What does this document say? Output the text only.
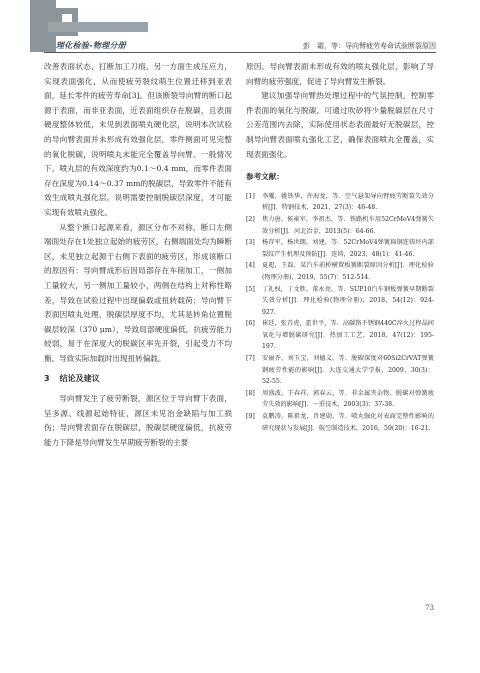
理化检验-物理分册	彭　霜，等：导向臂疲劳寿命试验断裂原因

改善表面状态，打断加工刀痕，另一方面生成压应力，实现表面强化，从而使疲劳裂纹萌生位置迁移到亚表面，延长零件的疲劳寿命[3]。但该断裂导向臂的断口起源于表面，而非亚表面，近表面组织存在脱碳，且表面硬度整体较低，未见到表面喷丸硬化层，说明本次试验的导向臂表面并未形成有效强化层，零件侧面可见完整的氧化脱碳，说明喷丸未能完全覆盖导向臂。一般情况下，喷丸层的有效深度约为0.1～0.4 mm，而零件表面存在深度为0.14～0.37 mm的脱碳层，导致零件不能有效生成喷丸强化层。说明需要控制脱碳层深度，才可能实现有效喷丸强化。

从整个断口起源来看，源区分布不对称，断口左侧端面处存在1处独立起始的疲劳区，右侧端面处均为瞬断区，未见独立起源于右侧下表面的疲劳区，形成该断口的原因有：导向臂成形后因局部存在车削加工，一侧加工量较大，另一侧加工量较小，两侧在结构上对称性略差，导致在试验过程中出现偏载或扭转载荷；导向臂下表面因喷丸处理，脱碳层厚度不均，尤其是转角位置脱碳层较深（370 μm），导致局部硬度偏低，抗疲劳能力较弱，易于在深度大的脱碳区率先开裂，引起受力不均衡，导致实际加载时出现扭转偏载。

3 结论及建议

导向臂发生了疲劳断裂，源区位于导向臂下表面，呈多源、线源起始特征，源区未见冶金缺陷与加工损伤；导向臂表面存在脱碳层，脱碳层硬度偏低，抗疲劳能力下降是导向臂发生早期疲劳断裂的主要

原因。导向臂表面未形成有效的喷丸强化层，影响了导向臂的疲劳强度，促进了导向臂发生断裂。

建议加强导向臂热处理过程中的气氛控制，控制零件表面的氧化与脱碳，可通过吹砂将少量脱碳层在尺寸公差范围内去除，实际使用状态表面最好无脱碳层，控制导向臂表面喷丸强化工艺，确保表面喷丸全覆盖，实现表面强化。

参考文献：
[1]	李曜，姚铁华，许海龙，等．空气悬架导向臂疲劳断裂失效分析[J]．特钢技术，2021，27(3)：46-48.
[2]	焦力唐，候雍军，李祖杰，等．铁路机车用52CrMoV4弹簧失效分析[J]．河北冶金，2013(5)：64-66.
[3]	杨存军，杨世朗，刘建，等．52CrMoV4弹簧扁钢连铸坯内部裂纹产生机理及预防[J]．连铸，2023，48(1)：41-46.
[4]	夏彪，王磊．某汽车前桥横置板簧断裂原因分析[J]．理化检验(物理分册)，2019，55(7)：512-514.
[5]	丁礼权，丁文胜，董永亮，等．SUP10汽车钢板弹簧早期断裂失效分析[J]．理化检验(物理分册)，2018，54(12)：924-927.
[6]	崔廷，张青虎，霍世平，等．高碳铬不锈钢440C淬火过程晶间氧化与增脱碳研究[J]．热加工工艺，2018，47(12)：195-197.
[7]	安丽乔，刘玉宝，刘德义，等．脱碳深度对60Si2CrVAT弹簧钢疲劳性能的影响[J]．大连交通大学学报，2009，30(3)：52-55.
[8]	周盛波，王春祥，郭春云，等．非金属夹杂物、脱碳对弹簧疲劳失效的影响[J]．一重技术，2003(3)：37-38.
[9]	袁鹏涛，陈祖龙，肖建勋，等．喷丸强化对表面完整性影响的研究现状与发展[J]．航空制造技术，2016，59(20)：16-21.
73
